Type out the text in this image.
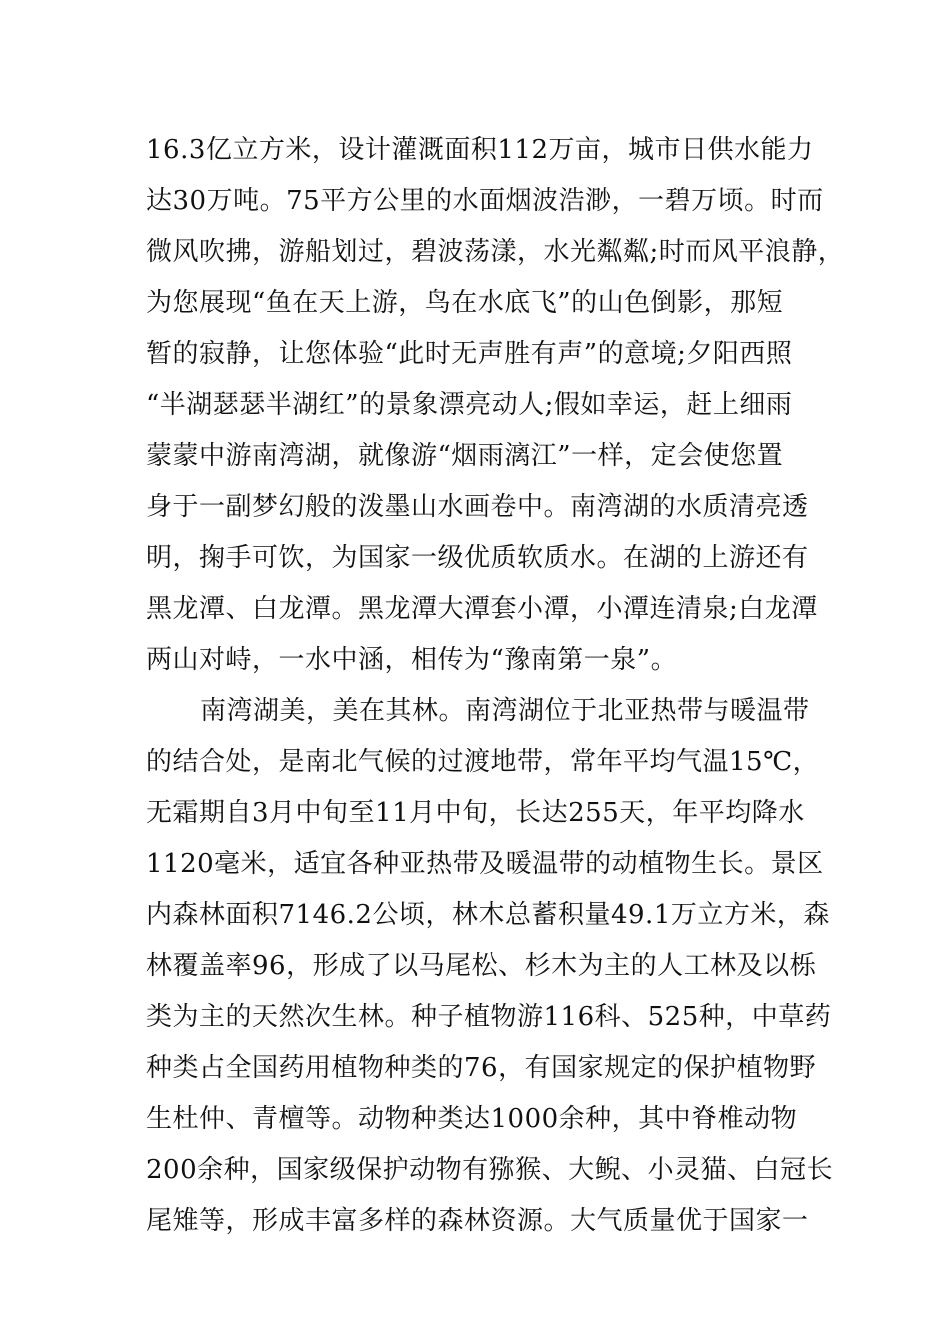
16.3亿立方米，设计灌溉面积112万亩，城市日供水能力
达30万吨。75平方公里的水面烟波浩渺，一碧万顷。时而
微风吹拂，游船划过，碧波荡漾，水光粼粼;时而风平浪静，
为您展现“鱼在天上游，鸟在水底飞”的山色倒影，那短
暂的寂静，让您体验“此时无声胜有声”的意境;夕阳西照
“半湖瑟瑟半湖红”的景象漂亮动人;假如幸运，赶上细雨
蒙蒙中游南湾湖，就像游“烟雨漓江”一样，定会使您置
身于一副梦幻般的泼墨山水画卷中。南湾湖的水质清亮透
明，掬手可饮，为国家一级优质软质水。在湖的上游还有
黑龙潭、白龙潭。黑龙潭大潭套小潭，小潭连清泉;白龙潭
两山对峙，一水中涵，相传为“豫南第一泉”。
南湾湖美，美在其林。南湾湖位于北亚热带与暖温带
的结合处，是南北气候的过渡地带，常年平均气温15℃，
无霜期自3月中旬至11月中旬，长达255天，年平均降水
1120毫米，适宜各种亚热带及暖温带的动植物生长。景区
内森林面积7146.2公顷，林木总蓄积量49.1万立方米，森
林覆盖率96，形成了以马尾松、杉木为主的人工林及以栎
类为主的天然次生林。种子植物游116科、525种，中草药
种类占全国药用植物种类的76，有国家规定的保护植物野
生杜仲、青檀等。动物种类达1000余种，其中脊椎动物
200余种，国家级保护动物有猕猴、大鲵、小灵猫、白冠长
尾雉等，形成丰富多样的森林资源。大气质量优于国家一
